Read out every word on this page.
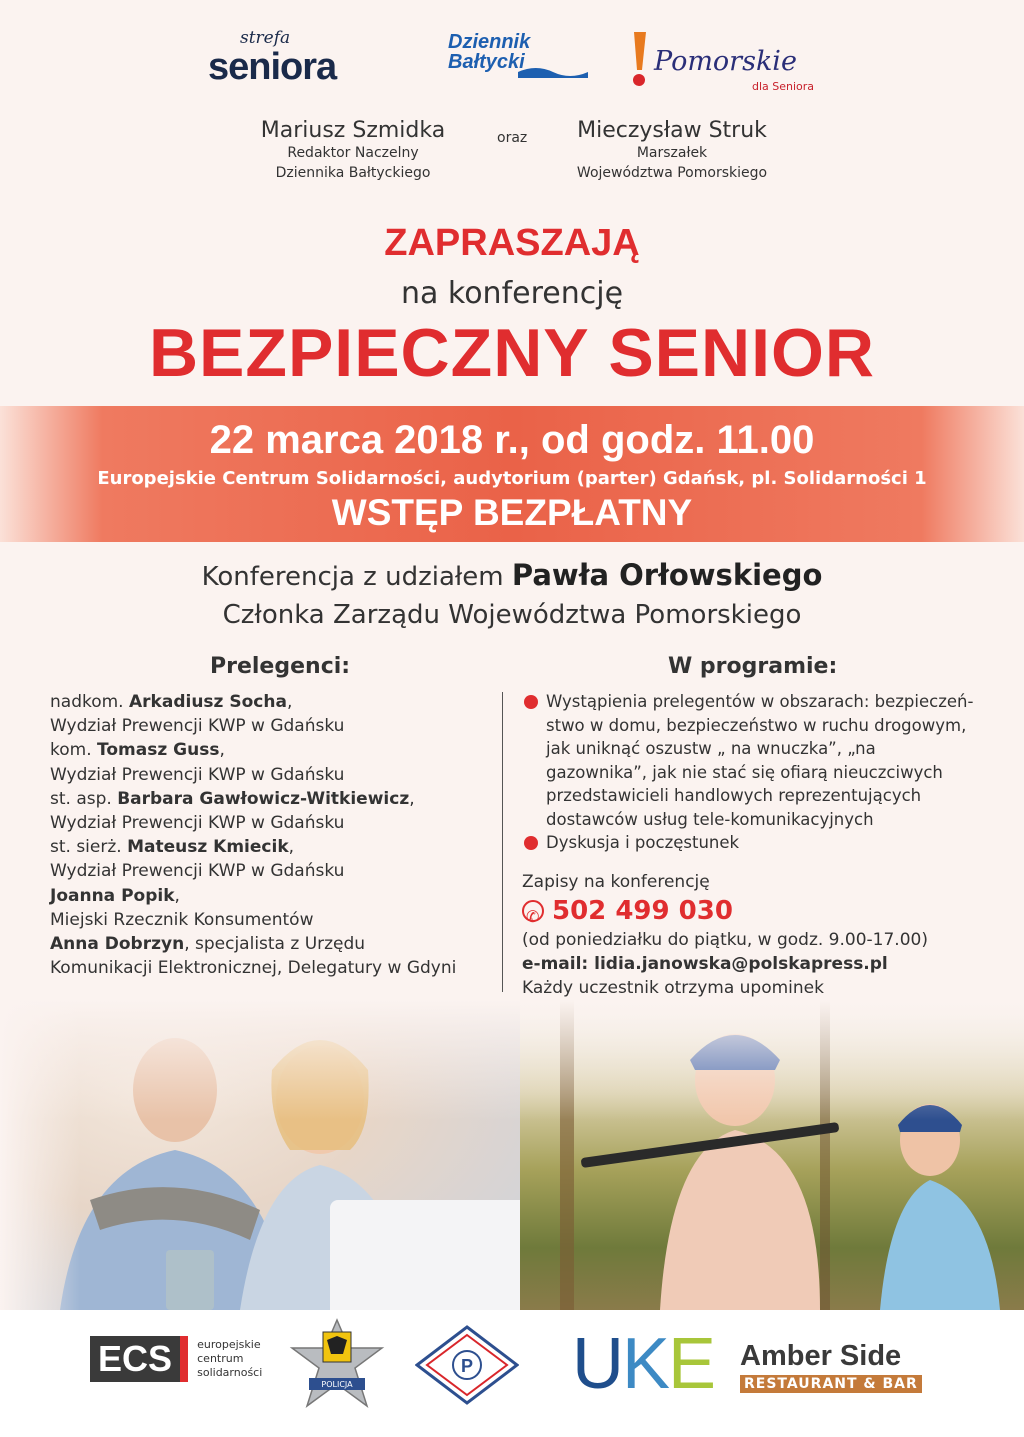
strefa
seniora
Dziennik
Bałtycki	Pomorskie
dla Seniora
Mariusz Szmidka
Redaktor Naczelny
Dziennika Bałtyckiego
oraz	Mieczysław Struk
Marszałek
Województwa Pomorskiego
ZAPRASZAJĄ
na konferencję
BEZPIECZNY SENIOR
22 marca 2018 r., od godz. 11.00
Europejskie Centrum Solidarności, audytorium (parter) Gdańsk, pl. Solidarności 1
WSTĘP BEZPŁATNY
Konferencja z udziałem Pawła Orłowskiego
Członka Zarządu Województwa Pomorskiego
Prelegenci:
nadkom. Arkadiusz Socha,
Wydział Prewencji KWP w Gdańsku
kom. Tomasz Guss,
Wydział Prewencji KWP w Gdańsku
st. asp. Barbara Gawłowicz-Witkiewicz,
Wydział Prewencji KWP w Gdańsku
st. sierż. Mateusz Kmiecik,
Wydział Prewencji KWP w Gdańsku
Joanna Popik,
Miejski Rzecznik Konsumentów
Anna Dobrzyn, specjalista z Urzędu
Komunikacji Elektronicznej, Delegatury w Gdyni
W programie:
Wystąpienia prelegentów w obszarach: bezpieczeń-stwo w domu, bezpieczeństwo w ruchu drogowym, jak uniknąć oszustw „ na wnuczka”, „na gazownika”, jak nie stać się ofiarą nieuczciwych przedstawicieli handlowych reprezentujących dostawców usług tele-komunikacyjnych
Dyskusja i poczęstunek
Zapisy na konferencję
✆
502 499 030
(od poniedziałku do piątku, w godz. 9.00-17.00)
e-mail: lidia.janowska@polskapress.pl
Każdy uczestnik otrzyma upominek
ECS europejskie
centrum
solidarności
POLICJA
P UKE Amber Side
RESTAURANT & BAR
